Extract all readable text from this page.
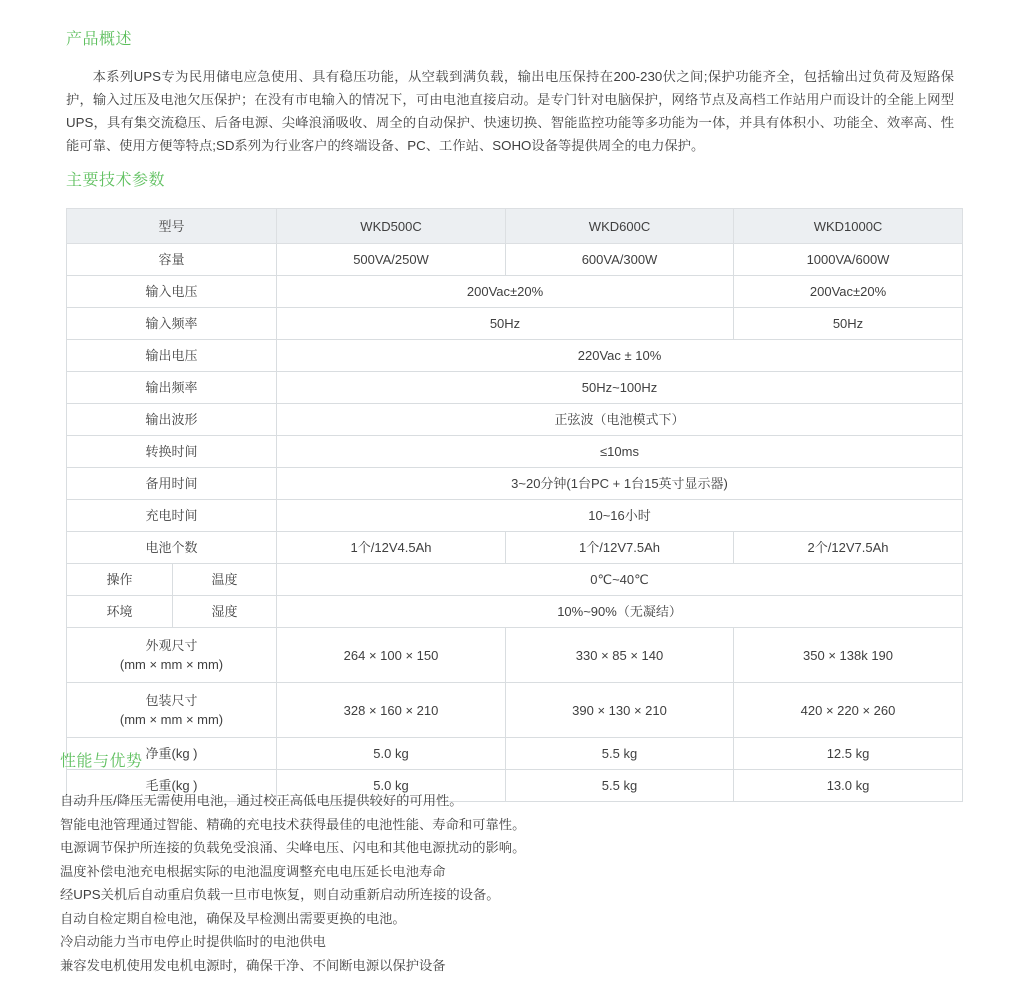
产品概述

本系列UPS专为民用储电应急使用、具有稳压功能，从空载到满负载，输出电压保持在200-230伏之间;保护功能齐全，包括输出过负荷及短路保护，输入过压及电池欠压保护；在没有市电输入的情况下，可由电池直接启动。是专门针对电脑保护，网络节点及高档工作站用户而设计的全能上网型UPS，具有集交流稳压、后备电源、尖峰浪涌吸收、周全的自动保护、快速切换、智能监控功能等多功能为一体，并具有体积小、功能全、效率高、性能可靠、使用方便等特点;SD系列为行业客户的终端设备、PC、工作站、SOHO设备等提供周全的电力保护。

主要技术参数
型号		WKD500C	WKD600C	WKD1000C
容量		500VA/250W	600VA/300W	1000VA/600W
输入电压		200Vac±20%		200Vac±20%
输入频率		50Hz		50Hz
输出电压		220Vac ± 10%		
输出频率		50Hz~100Hz		
输出波形		正弦波（电池模式下）		
转换时间		≤10ms		
备用时间		3~20分钟(1台PC + 1台15英寸显示器)		
充电时间		10~16小时		
电池个数		1个/12V4.5Ah	1个/12V7.5Ah	2个/12V7.5Ah
操作	温度	0℃~40℃		
环境	湿度	10%~90%（无凝结）		

外观尺寸
(mm × mm × mm)		264 × 100 × 150	330 × 85 × 140	350 × 138k 190

包装尺寸
(mm × mm × mm)		328 × 160 × 210	390 × 130 × 210	420 × 220 × 260
净重(kg )		5.0 kg	5.5 kg	12.5 kg
毛重(kg )		5.0 kg	5.5 kg	13.0 kg
性能与优势
自动升压/降压无需使用电池，通过校正高低电压提供较好的可用性。
智能电池管理通过智能、精确的充电技术获得最佳的电池性能、寿命和可靠性。
电源调节保护所连接的负载免受浪涌、尖峰电压、闪电和其他电源扰动的影响。
温度补偿电池充电根据实际的电池温度调整充电电压延长电池寿命
经UPS关机后自动重启负载一旦市电恢复，则自动重新启动所连接的设备。
自动自检定期自检电池，确保及早检测出需要更换的电池。
冷启动能力当市电停止时提供临时的电池供电
兼容发电机使用发电机电源时，确保干净、不间断电源以保护设备
